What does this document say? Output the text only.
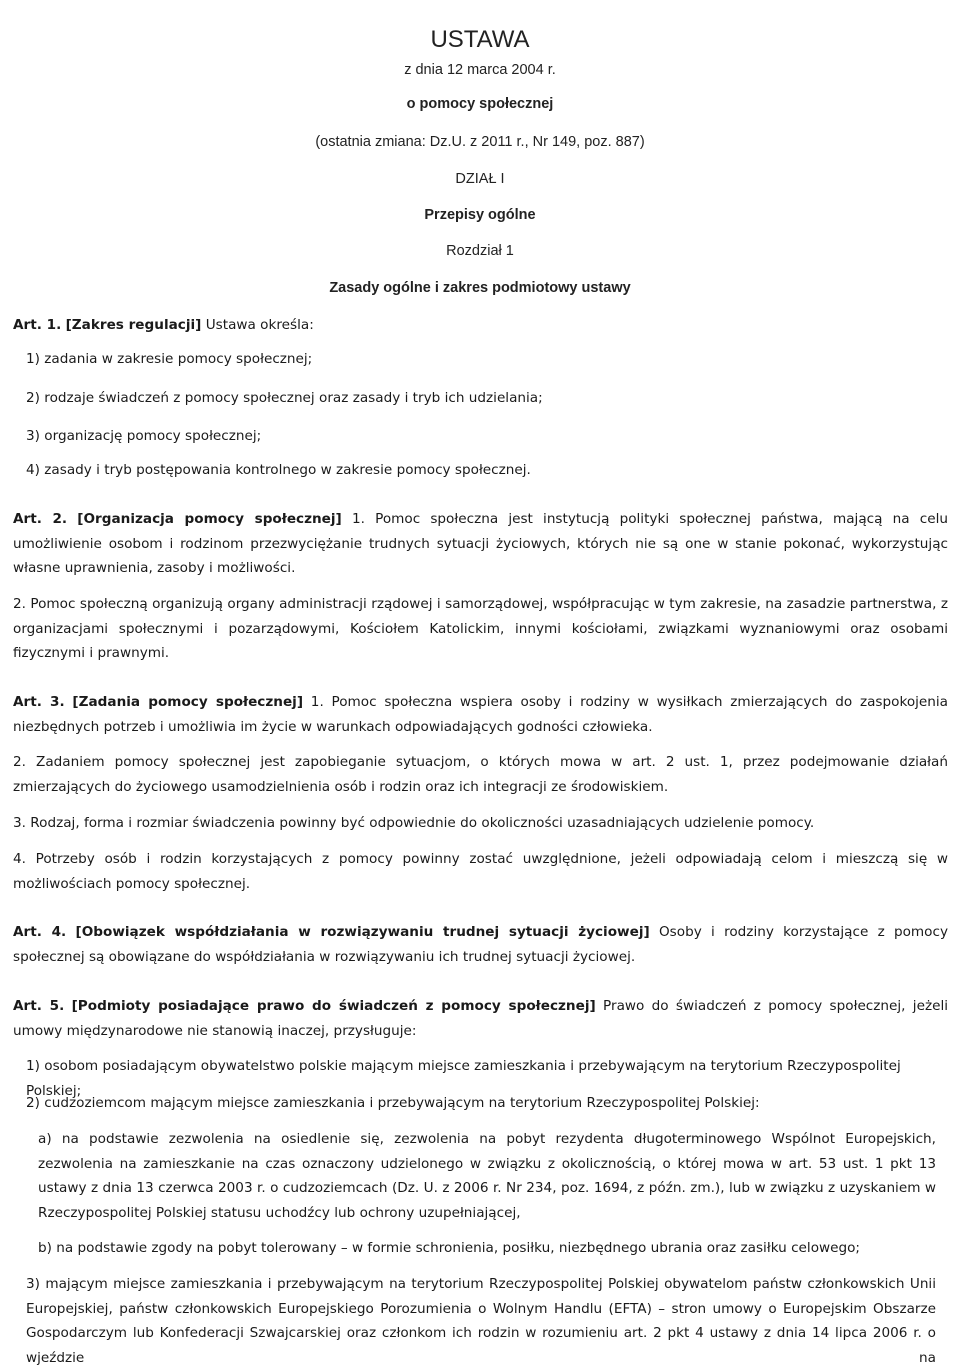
USTAWA
z dnia 12 marca 2004 r.
o pomocy społecznej
(ostatnia zmiana: Dz.U. z 2011 r., Nr 149, poz. 887)
DZIAŁ I
Przepisy ogólne
Rozdział 1
Zasady ogólne i zakres podmiotowy ustawy

Art. 1. [Zakres regulacji] Ustawa określa:

1) zadania w zakresie pomocy społecznej;

2) rodzaje świadczeń z pomocy społecznej oraz zasady i tryb ich udzielania;

3) organizację pomocy społecznej;

4) zasady i tryb postępowania kontrolnego w zakresie pomocy społecznej.

Art. 2. [Organizacja pomocy społecznej] 1. Pomoc społeczna jest instytucją polityki społecznej państwa, mającą na celu umożliwienie osobom i rodzinom przezwyciężanie trudnych sytuacji życiowych, których nie są one w stanie pokonać, wykorzystując własne uprawnienia, zasoby i możliwości.

2. Pomoc społeczną organizują organy administracji rządowej i samorządowej, współpracując w tym zakresie, na zasadzie partnerstwa, z organizacjami społecznymi i pozarządowymi, Kościołem Katolickim, innymi kościołami, związkami wyznaniowymi oraz osobami fizycznymi i prawnymi.

Art. 3. [Zadania pomocy społecznej] 1. Pomoc społeczna wspiera osoby i rodziny w wysiłkach zmierzających do zaspokojenia niezbędnych potrzeb i umożliwia im życie w warunkach odpowiadających godności człowieka.

2. Zadaniem pomocy społecznej jest zapobieganie sytuacjom, o których mowa w art. 2 ust. 1, przez podejmowanie działań zmierzających do życiowego usamodzielnienia osób i rodzin oraz ich integracji ze środowiskiem.

3. Rodzaj, forma i rozmiar świadczenia powinny być odpowiednie do okoliczności uzasadniających udzielenie pomocy.

4. Potrzeby osób i rodzin korzystających z pomocy powinny zostać uwzględnione, jeżeli odpowiadają celom i mieszczą się w możliwościach pomocy społecznej.

Art. 4. [Obowiązek współdziałania w rozwiązywaniu trudnej sytuacji życiowej] Osoby i rodziny korzystające z pomocy społecznej są obowiązane do współdziałania w rozwiązywaniu ich trudnej sytuacji życiowej.

Art. 5. [Podmioty posiadające prawo do świadczeń z pomocy społecznej] Prawo do świadczeń z pomocy społecznej, jeżeli umowy międzynarodowe nie stanowią inaczej, przysługuje:

1) osobom posiadającym obywatelstwo polskie mającym miejsce zamieszkania i przebywającym na terytorium Rzeczypospolitej Polskiej;

2) cudzoziemcom mającym miejsce zamieszkania i przebywającym na terytorium Rzeczypospolitej Polskiej:

a) na podstawie zezwolenia na osiedlenie się, zezwolenia na pobyt rezydenta długoterminowego Wspólnot Europejskich, zezwolenia na zamieszkanie na czas oznaczony udzielonego w związku z okolicznością, o której mowa w art. 53 ust. 1 pkt 13 ustawy z dnia 13 czerwca 2003 r. o cudzoziemcach (Dz. U. z 2006 r. Nr 234, poz. 1694, z późn. zm.), lub w związku z uzyskaniem w Rzeczypospolitej Polskiej statusu uchodźcy lub ochrony uzupełniającej,

b) na podstawie zgody na pobyt tolerowany – w formie schronienia, posiłku, niezbędnego ubrania oraz zasiłku celowego;

3) mającym miejsce zamieszkania i przebywającym na terytorium Rzeczypospolitej Polskiej obywatelom państw członkowskich Unii Europejskiej, państw członkowskich Europejskiego Porozumienia o Wolnym Handlu (EFTA) – stron umowy o Europejskim Obszarze Gospodarczym lub Konfederacji Szwajcarskiej oraz członkom ich rodzin w rozumieniu art. 2 pkt 4 ustawy z dnia 14 lipca 2006 r. o wjeździe na
